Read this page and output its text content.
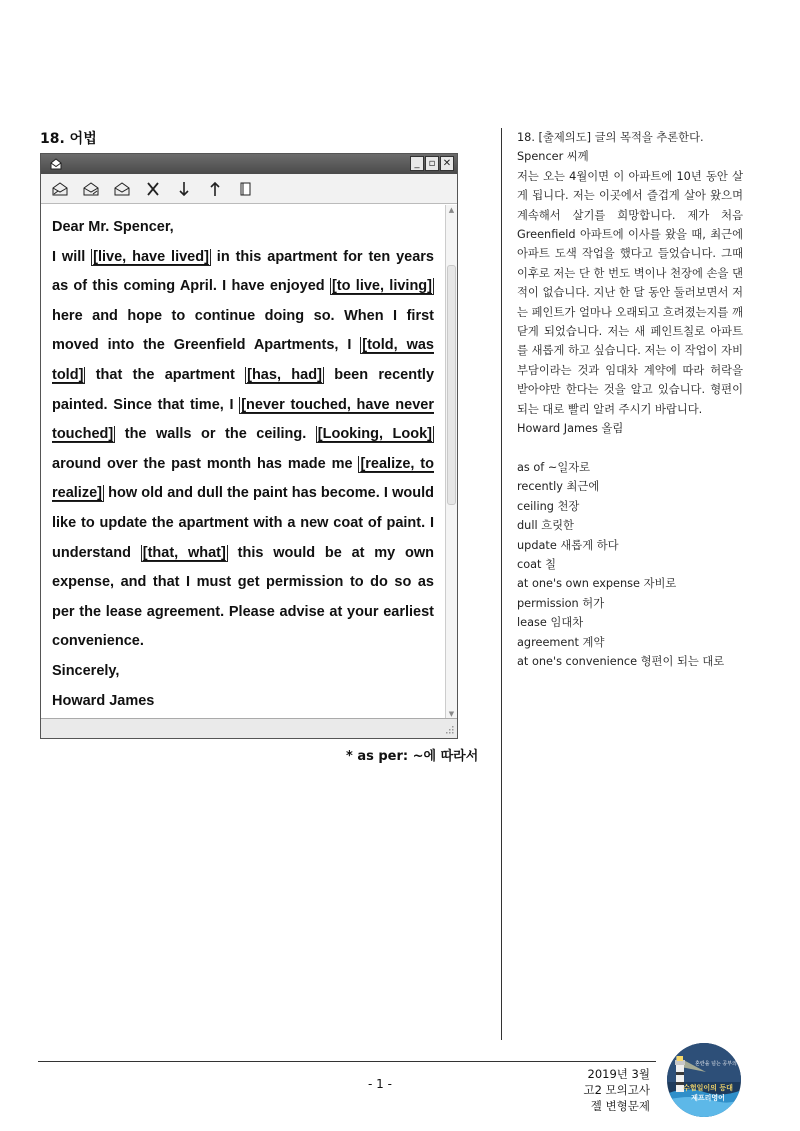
18. 어법
_ ▫ ✕
Dear Mr. Spencer,
I will [live, have lived] in this apartment for ten years as of this coming April. I have enjoyed [to live, living] here and hope to continue doing so. When I first moved into the Greenfield Apartments, I [told, was told] that the apartment [has, had] been recently painted. Since that time, I [never touched, have never touched] the walls or the ceiling. [Looking, Look] around over the past month has made me [realize, to realize] how old and dull the paint has become. I would like to update the apartment with a new coat of paint. I understand [that, what] this would be at my own expense, and that I must get permission to do so as per the lease agreement. Please advise at your earliest convenience.
Sincerely,
Howard James
▲
▼
* as per: ~에 따라서

18. [출제의도] 글의 목적을 추론한다.

Spencer 씨께

저는 오는 4월이면 이 아파트에 10년 동안 살게 됩니다. 저는 이곳에서 즐겁게 살아 왔으며 계속해서 살기를 희망합니다. 제가 처음 Greenfield 아파트에 이사를 왔을 때, 최근에 아파트 도색 작업을 했다고 들었습니다. 그때 이후로 저는 단 한 번도 벽이나 천장에 손을 댄 적이 없습니다. 지난 한 달 동안 둘러보면서 저는 페인트가 얼마나 오래되고 흐려졌는지를 깨닫게 되었습니다. 저는 새 페인트칠로 아파트를 새롭게 하고 싶습니다. 저는 이 작업이 자비 부담이라는 것과 임대차 계약에 따라 허락을 받아야만 한다는 것을 알고 있습니다. 형편이 되는 대로 빨리 알려 주시기 바랍니다.

Howard James 올림

as of ~일자로

recently 최근에

ceiling 천장

dull 흐릿한

update 새롭게 하다

coat 칠

at one's own expense 자비로

permission 허가

lease 임대차

agreement 계약

at one's convenience 형편이 되는 대로

- 1 -
2019년 3월
고2 모의고사
젤 변형문제
혼란을 넘는 공부의 진정한
수험일이의 등대
제프리영어
